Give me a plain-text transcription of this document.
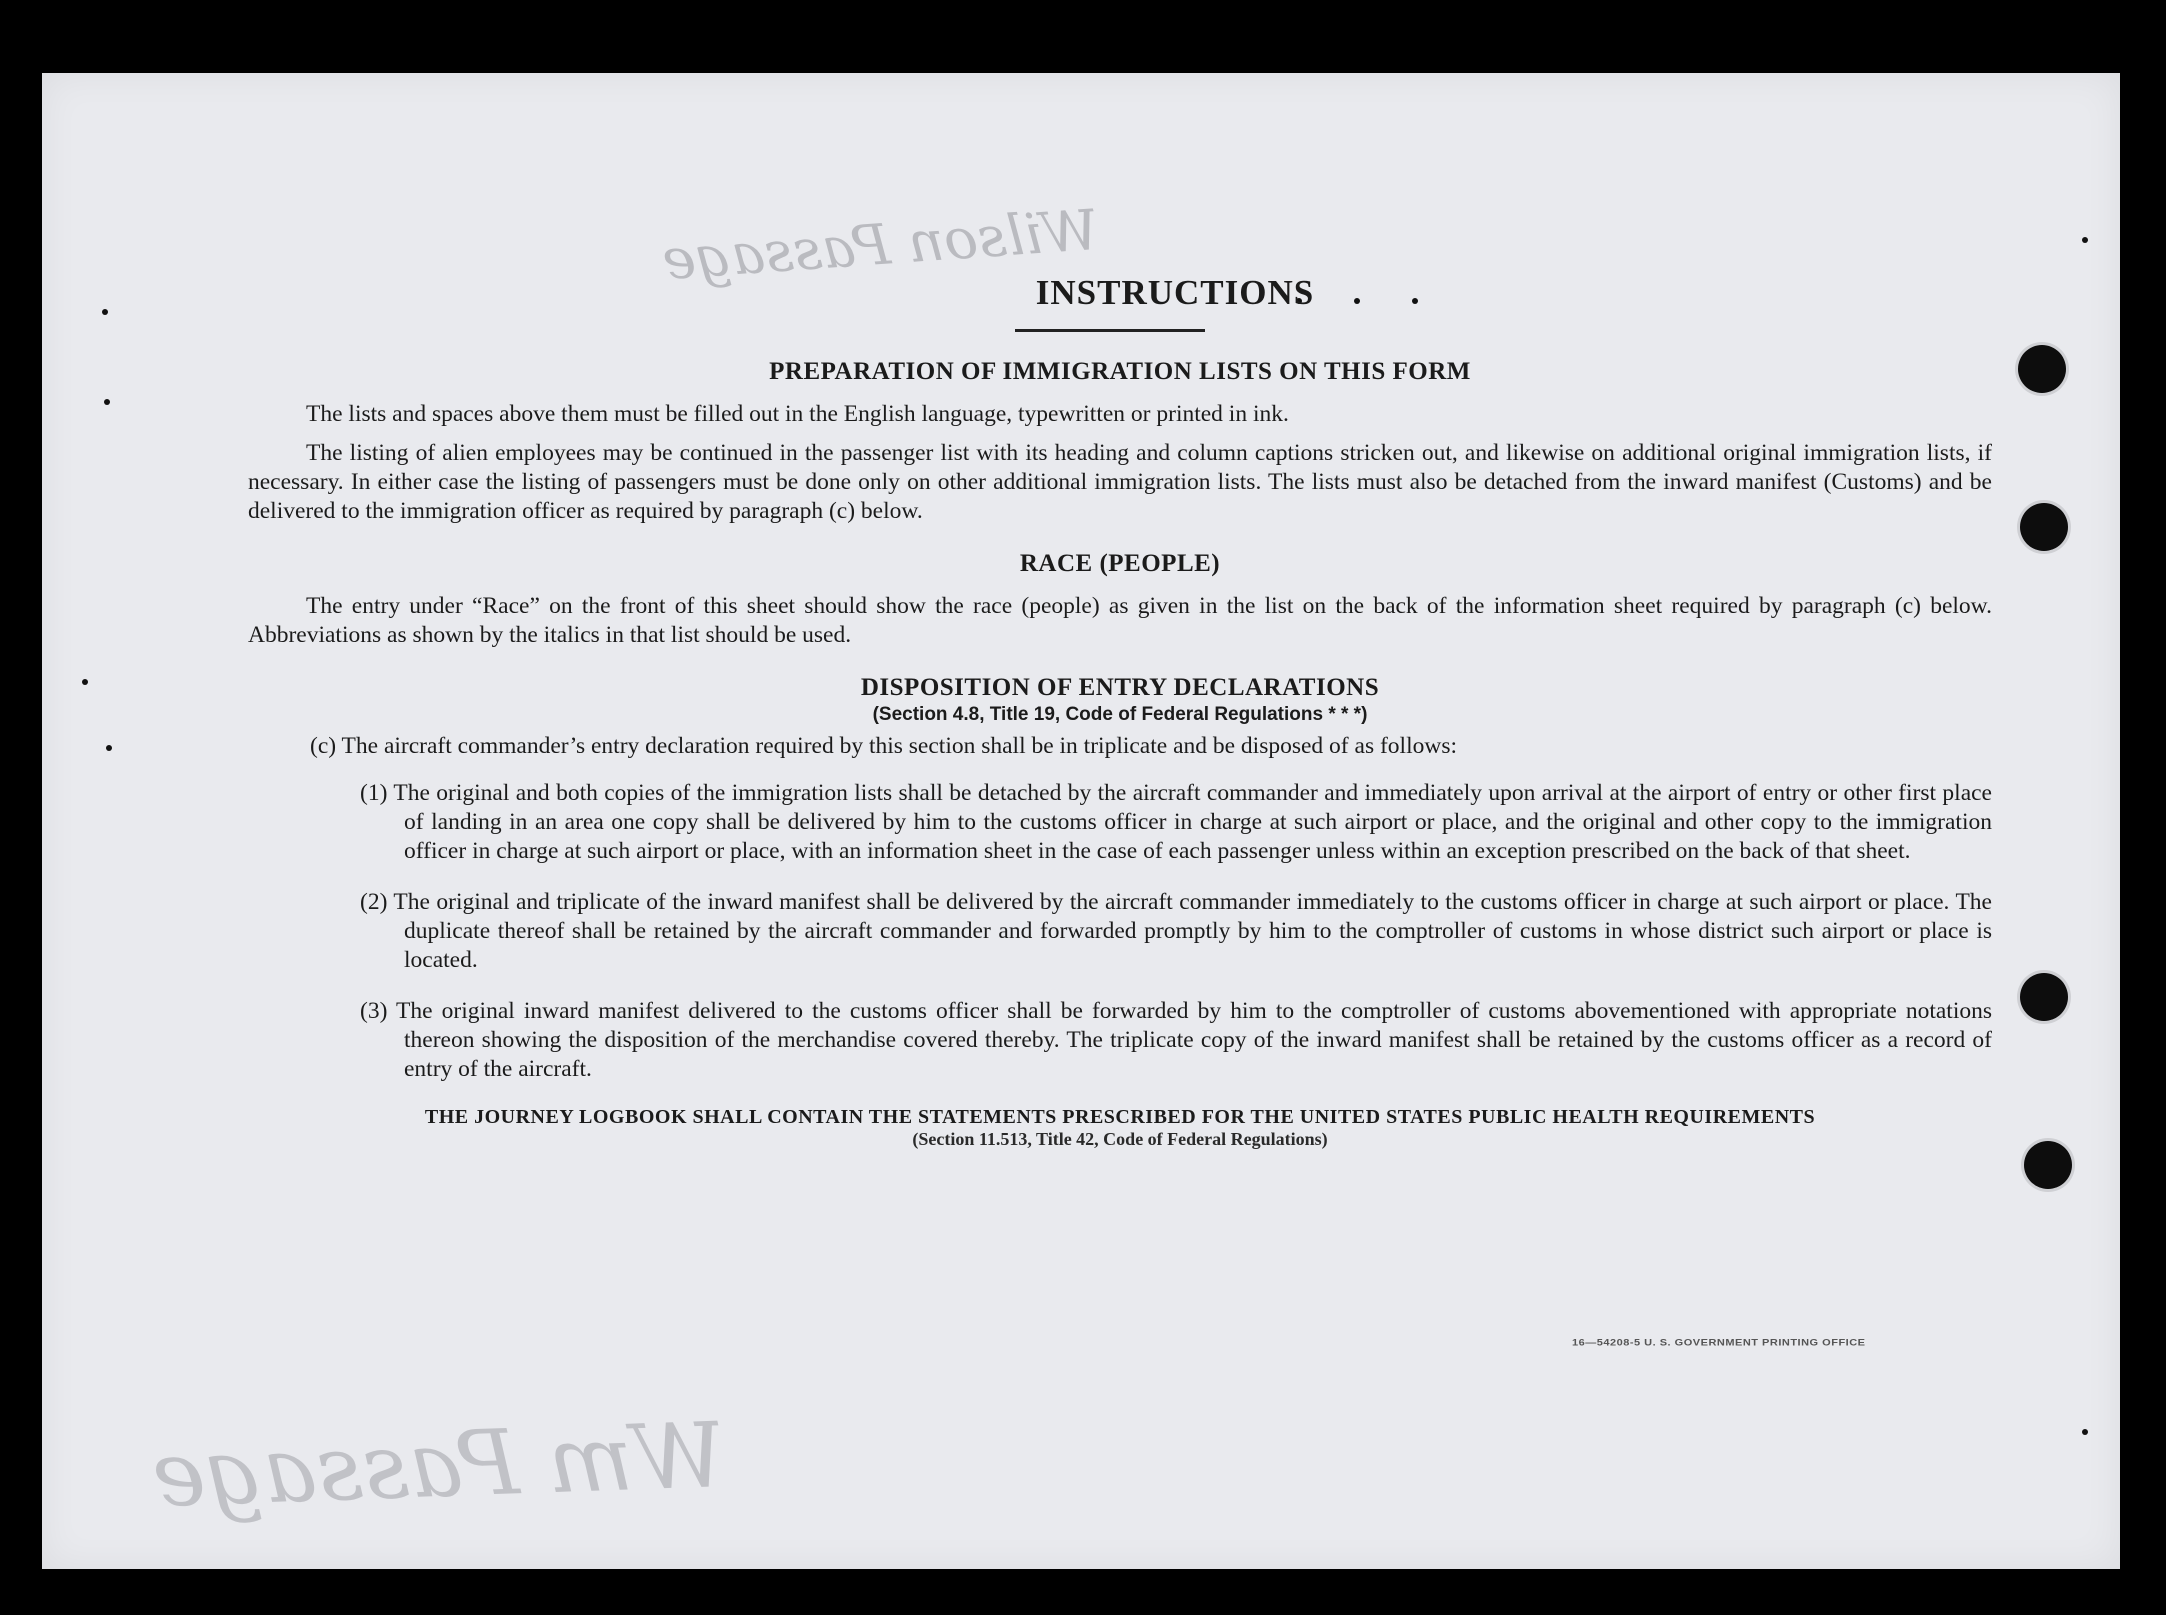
Wilson Passage
Wm Passage
INSTRUCTIONS
PREPARATION OF IMMIGRATION LISTS ON THIS FORM

The lists and spaces above them must be filled out in the English language, typewritten or printed in ink.

The listing of alien employees may be continued in the passenger list with its heading and column captions stricken out, and likewise on additional original immigration lists, if necessary. In either case the listing of passengers must be done only on other additional immigration lists. The lists must also be detached from the inward manifest (Customs) and be delivered to the immigration officer as required by paragraph (c) below.

RACE (PEOPLE)

The entry under “Race” on the front of this sheet should show the race (people) as given in the list on the back of the information sheet required by paragraph (c) below. Abbreviations as shown by the italics in that list should be used.

DISPOSITION OF ENTRY DECLARATIONS
(Section 4.8, Title 19, Code of Federal Regulations * * *)

(c) The aircraft commander’s entry declaration required by this section shall be in triplicate and be disposed of as follows:

(1) The original and both copies of the immigration lists shall be detached by the aircraft commander and immediately upon arrival at the airport of entry or other first place of landing in an area one copy shall be delivered by him to the customs officer in charge at such airport or place, and the original and other copy to the immigration officer in charge at such airport or place, with an information sheet in the case of each passenger unless within an exception prescribed on the back of that sheet.

(2) The original and triplicate of the inward manifest shall be delivered by the aircraft commander immediately to the customs officer in charge at such airport or place. The duplicate thereof shall be retained by the aircraft commander and forwarded promptly by him to the comptroller of customs in whose district such airport or place is located.

(3) The original inward manifest delivered to the customs officer shall be forwarded by him to the comptroller of customs abovementioned with appropriate notations thereon showing the disposition of the merchandise covered thereby. The triplicate copy of the inward manifest shall be retained by the customs officer as a record of entry of the aircraft.

THE JOURNEY LOGBOOK SHALL CONTAIN THE STATEMENTS PRESCRIBED FOR THE UNITED STATES PUBLIC HEALTH REQUIREMENTS
(Section 11.513, Title 42, Code of Federal Regulations)
16—54208-5 U. S. GOVERNMENT PRINTING OFFICE
